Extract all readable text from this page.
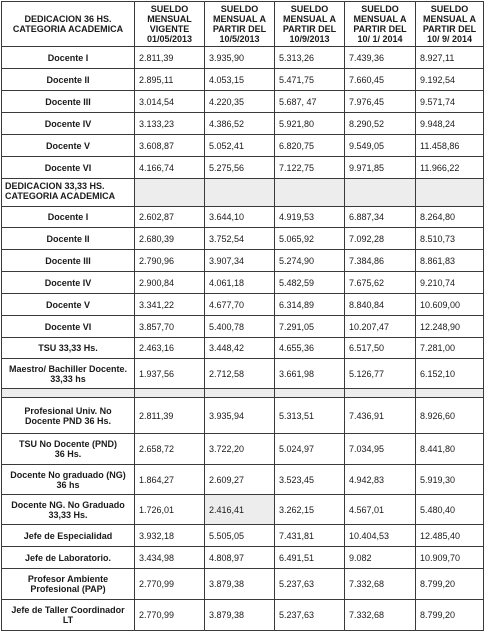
DEDICACION 36 HS.
CATEGORIA ACADEMICA	SUELDO
MENSUAL
VIGENTE
01/05/2013	SUELDO
MENSUAL A
PARTIR DEL
10/5/2013	SUELDO
MENSUAL A
PARTIR DEL
10/9/2013	SUELDO
MENSUAL A
PARTIR DEL
10/ 1/ 2014	SUELDO
MENSUAL A
PARTIR DEL
10/ 9/ 2014

Docente I	2.811,39	3.935,90	5.313,26	7.439,36	8.927,11

Docente II	2.895,11	4.053,15	5.471,75	7.660,45	9.192,54

Docente III	3.014,54	4.220,35	5.687, 47	7.976,45	9.571,74

Docente IV	3.133,23	4.386,52	5.921,80	8.290,52	9.948,24

Docente V	3.608,87	5.052,41	6.820,75	9.549,05	11.458,86

Docente VI	4.166,74	5.275,56	7.122,75	9.971,85	11.966,22

DEDICACION 33,33 HS.
CATEGORIA ACADEMICA					

Docente I	2.602,87	3.644,10	4.919,53	6.887,34	8.264,80

Docente II	2.680,39	3.752,54	5.065,92	7.092,28	8.510,73

Docente III	2.790,96	3.907,34	5.274,90	7.384,86	8.861,83

Docente IV	2.900,84	4.061,18	5.482,59	7.675,62	9.210,74

Docente V	3.341,22	4.677,70	6.314,89	8.840,84	10.609,00

Docente VI	3.857,70	5.400,78	7.291,05	10.207,47	12.248,90

TSU 33,33 Hs.	2.463,16	3.448,42	4.655,36	6.517,50	7.281,00

Maestro/ Bachiller Docente.
33,33 hs	1.937,56	2.712,58	3.661,98	5.126,77	6.152,10

Profesional Univ. No
Docente PND 36 Hs.	2.811,39	3.935,94	5.313,51	7.436,91	8.926,60

TSU No Docente (PND)
36 Hs.	2.658,72	3.722,20	5.024,97	7.034,95	8.441,80

Docente No graduado (NG)
36 hs	1.864,27	2.609,27	3.523,45	4.942,83	5.919,30

Docente NG. No Graduado
33,33 Hs.	1.726,01	2.416,41	3.262,15	4.567,01	5.480,40

Jefe de Especialidad	3.932,18	5.505,05	7.431,81	10.404,53	12.485,40

Jefe de Laboratorio.	3.434,98	4.808,97	6.491,51	9.082	10.909,70

Profesor Ambiente
Profesional (PAP)	2.770,99	3.879,38	5.237,63	7.332,68	8.799,20

Jefe de Taller Coordinador
LT	2.770,99	3.879,38	5.237,63	7.332,68	8.799,20
